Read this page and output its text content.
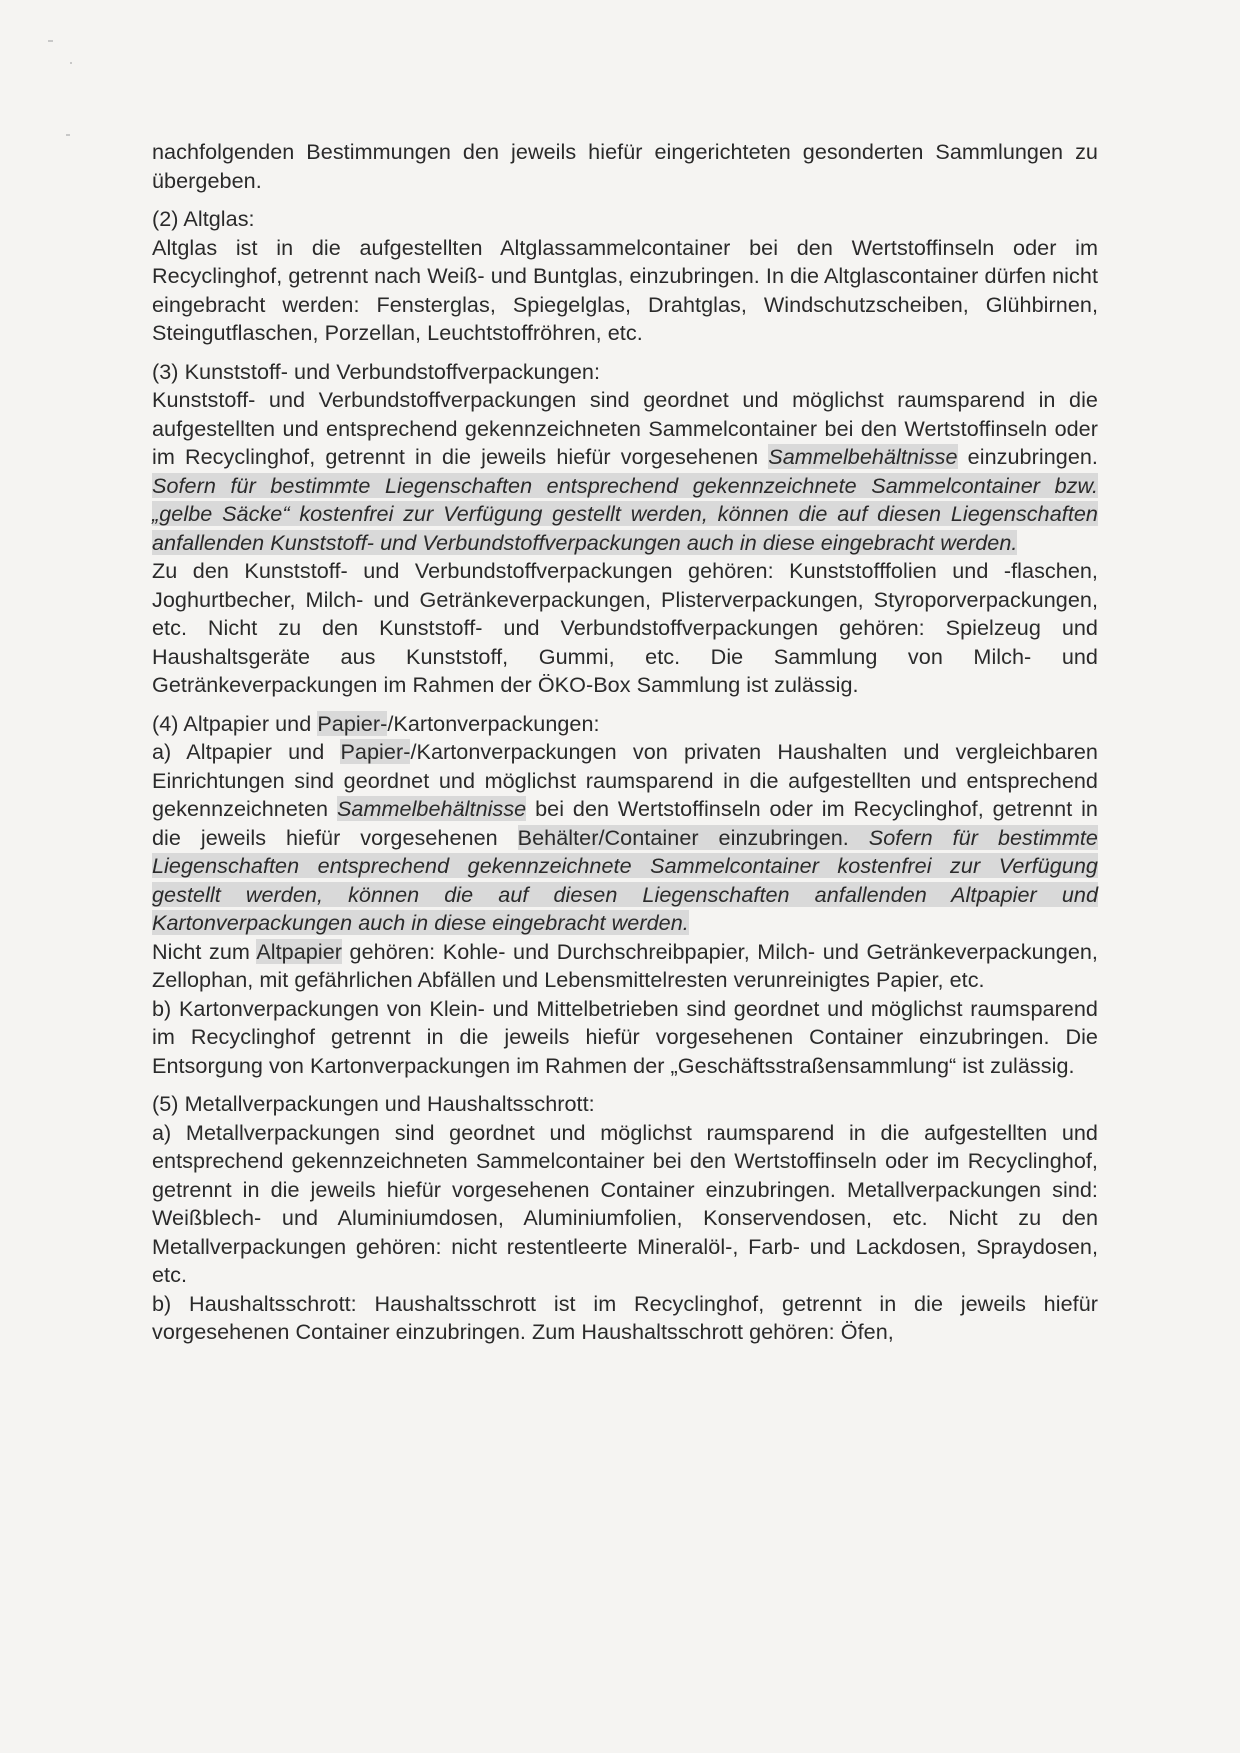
nachfolgenden Bestimmungen den jeweils hiefür eingerichteten gesonderten Sammlungen zu übergeben.

(2) Altglas:

Altglas ist in die aufgestellten Altglassammelcontainer bei den Wertstoffinseln oder im Recyclinghof, getrennt nach Weiß- und Buntglas, einzubringen. In die Altglascontainer dürfen nicht eingebracht werden: Fensterglas, Spiegelglas, Drahtglas, Windschutzscheiben, Glühbirnen, Steingutflaschen, Porzellan, Leuchtstoffröhren, etc.

(3) Kunststoff- und Verbundstoffverpackungen:

Kunststoff- und Verbundstoffverpackungen sind geordnet und möglichst raumsparend in die aufgestellten und entsprechend gekennzeichneten Sammelcontainer bei den Wertstoffinseln oder im Recyclinghof, getrennt in die jeweils hiefür vorgesehenen Sammelbehältnisse einzubringen. Sofern für bestimmte Liegenschaften entsprechend gekennzeichnete Sammelcontainer bzw. „gelbe Säcke“ kostenfrei zur Verfügung gestellt werden, können die auf diesen Liegenschaften anfallenden Kunststoff- und Verbundstoffverpackungen auch in diese eingebracht werden.

Zu den Kunststoff- und Verbundstoffverpackungen gehören: Kunststofffolien und -flaschen, Joghurtbecher, Milch- und Getränkeverpackungen, Plisterverpackungen, Styroporverpackungen, etc. Nicht zu den Kunststoff- und Verbundstoffverpackungen gehören: Spielzeug und Haushaltsgeräte aus Kunststoff, Gummi, etc. Die Sammlung von Milch- und Getränkeverpackungen im Rahmen der ÖKO-Box Sammlung ist zulässig.

(4) Altpapier und Papier-/Kartonverpackungen:

a) Altpapier und Papier-/Kartonverpackungen von privaten Haushalten und vergleichbaren Einrichtungen sind geordnet und möglichst raumsparend in die aufgestellten und entsprechend gekennzeichneten Sammelbehältnisse bei den Wertstoffinseln oder im Recyclinghof, getrennt in die jeweils hiefür vorgesehenen Behälter/Container einzubringen. Sofern für bestimmte Liegenschaften entsprechend gekennzeichnete Sammelcontainer kostenfrei zur Verfügung gestellt werden, können die auf diesen Liegenschaften anfallenden Altpapier und Kartonverpackungen auch in diese eingebracht werden.

Nicht zum Altpapier gehören: Kohle- und Durchschreibpapier, Milch- und Getränkeverpackungen, Zellophan, mit gefährlichen Abfällen und Lebensmittelresten verunreinigtes Papier, etc.

b) Kartonverpackungen von Klein- und Mittelbetrieben sind geordnet und möglichst raumsparend im Recyclinghof getrennt in die jeweils hiefür vorgesehenen Container einzubringen. Die Entsorgung von Kartonverpackungen im Rahmen der „Geschäftsstraßensammlung“ ist zulässig.

(5) Metallverpackungen und Haushaltsschrott:

a) Metallverpackungen sind geordnet und möglichst raumsparend in die aufgestellten und entsprechend gekennzeichneten Sammelcontainer bei den Wertstoffinseln oder im Recyclinghof, getrennt in die jeweils hiefür vorgesehenen Container einzubringen. Metallverpackungen sind: Weißblech- und Aluminiumdosen, Aluminiumfolien, Konservendosen, etc. Nicht zu den Metallverpackungen gehören: nicht restentleerte Mineralöl-, Farb- und Lackdosen, Spraydosen, etc.

b) Haushaltsschrott: Haushaltsschrott ist im Recyclinghof, getrennt in die jeweils hiefür vorgesehenen Container einzubringen. Zum Haushaltsschrott gehören: Öfen,
